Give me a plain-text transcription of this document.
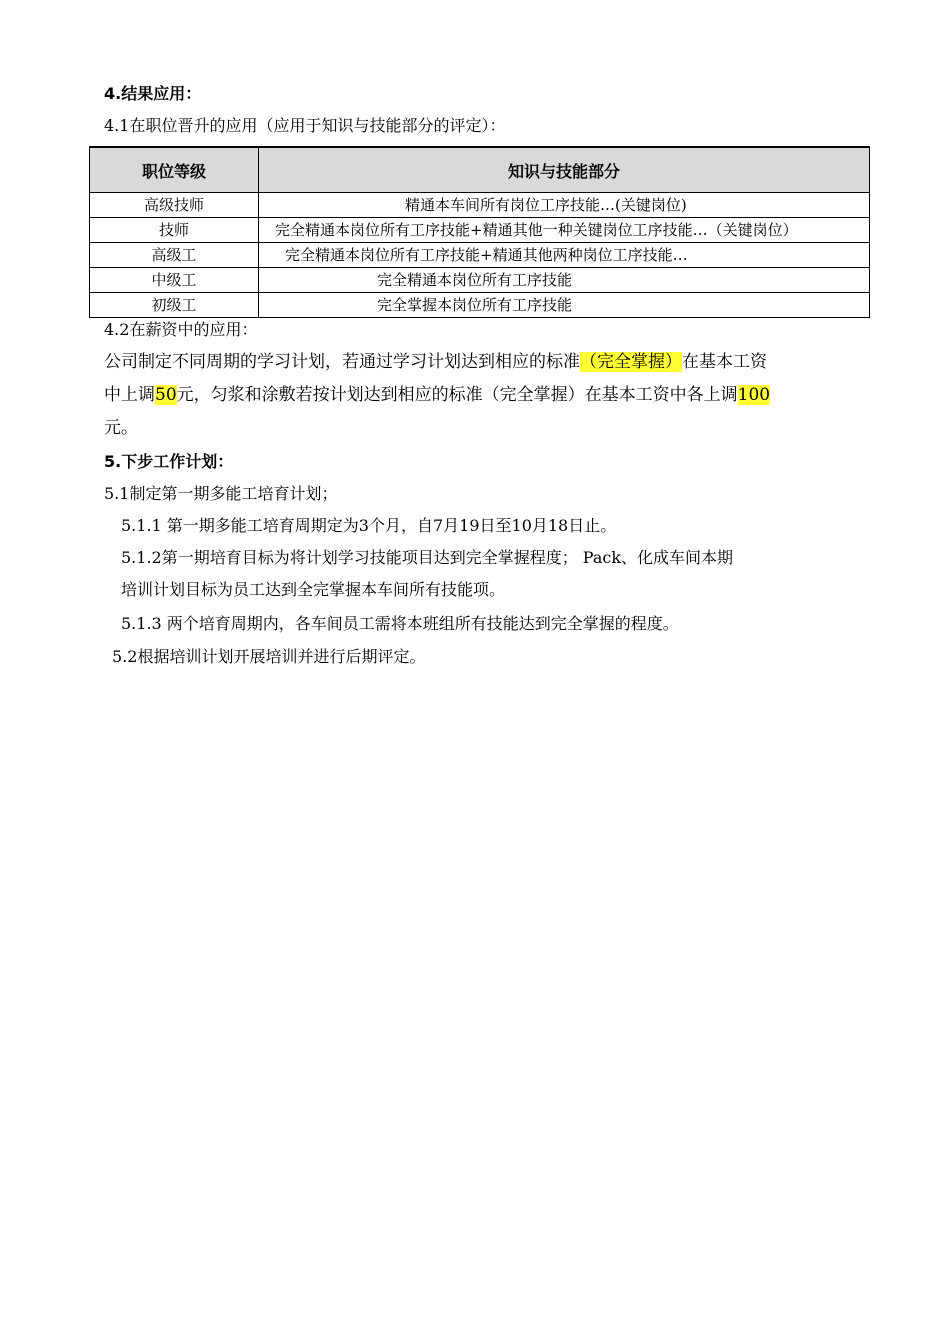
4.结果应用：
4.1在职位晋升的应用（应用于知识与技能部分的评定）：
职位等级	知识与技能部分
高级技师	精通本车间所有岗位工序技能…(关键岗位)
技师	完全精通本岗位所有工序技能+精通其他一种关键岗位工序技能…（关键岗位）
高级工	完全精通本岗位所有工序技能+精通其他两种岗位工序技能…
中级工	完全精通本岗位所有工序技能
初级工	完全掌握本岗位所有工序技能
4.2在薪资中的应用：
公司制定不同周期的学习计划，若通过学习计划达到相应的标准（完全掌握）在基本工资
中上调50元，匀浆和涂敷若按计划达到相应的标准（完全掌握）在基本工资中各上调100
元。
5.下步工作计划：
5.1制定第一期多能工培育计划；
5.1.1 第一期多能工培育周期定为3个月，自7月19日至10月18日止。
5.1.2第一期培育目标为将计划学习技能项目达到完全掌握程度； Pack、化成车间本期
培训计划目标为员工达到全完掌握本车间所有技能项。
5.1.3 两个培育周期内，各车间员工需将本班组所有技能达到完全掌握的程度。
5.2根据培训计划开展培训并进行后期评定。
